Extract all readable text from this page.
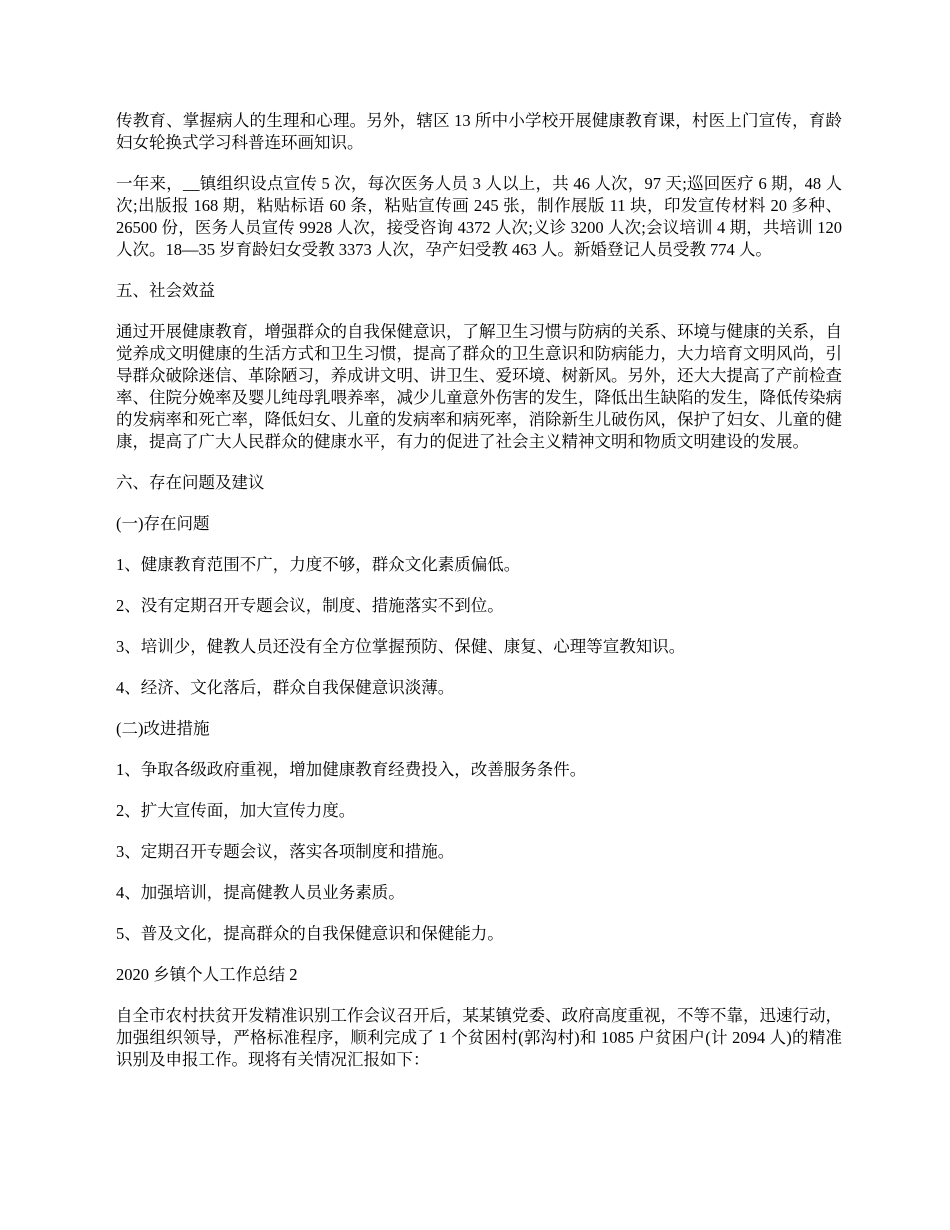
传教育、掌握病人的生理和心理。另外，辖区 13 所中小学校开展健康教育课，村医上门宣传，育龄妇女轮换式学习科普连环画知识。

一年来，__镇组织设点宣传 5 次，每次医务人员 3 人以上，共 46 人次，97 天;巡回医疗 6 期，48 人次;出版报 168 期，粘贴标语 60 条，粘贴宣传画 245 张，制作展版 11 块，印发宣传材料 20 多种、26500 份，医务人员宣传 9928 人次，接受咨询 4372 人次;义诊 3200 人次;会议培训 4 期，共培训 120 人次。18—35 岁育龄妇女受教 3373 人次，孕产妇受教 463 人。新婚登记人员受教 774 人。

五、社会效益

通过开展健康教育，增强群众的自我保健意识，了解卫生习惯与防病的关系、环境与健康的关系，自觉养成文明健康的生活方式和卫生习惯，提高了群众的卫生意识和防病能力，大力培育文明风尚，引导群众破除迷信、革除陋习，养成讲文明、讲卫生、爱环境、树新风。另外，还大大提高了产前检查率、住院分娩率及婴儿纯母乳喂养率，减少儿童意外伤害的发生，降低出生缺陷的发生，降低传染病的发病率和死亡率，降低妇女、儿童的发病率和病死率，消除新生儿破伤风，保护了妇女、儿童的健康，提高了广大人民群众的健康水平，有力的促进了社会主义精神文明和物质文明建设的发展。

六、存在问题及建议

(一)存在问题

1、健康教育范围不广，力度不够，群众文化素质偏低。

2、没有定期召开专题会议，制度、措施落实不到位。

3、培训少，健教人员还没有全方位掌握预防、保健、康复、心理等宣教知识。

4、经济、文化落后，群众自我保健意识淡薄。

(二)改进措施

1、争取各级政府重视，增加健康教育经费投入，改善服务条件。

2、扩大宣传面，加大宣传力度。

3、定期召开专题会议，落实各项制度和措施。

4、加强培训，提高健教人员业务素质。

5、普及文化，提高群众的自我保健意识和保健能力。

2020 乡镇个人工作总结 2

自全市农村扶贫开发精准识别工作会议召开后，某某镇党委、政府高度重视，不等不靠，迅速行动，加强组织领导，严格标准程序，顺利完成了 1 个贫困村(郭沟村)和 1085 户贫困户(计 2094 人)的精准识别及申报工作。现将有关情况汇报如下：
